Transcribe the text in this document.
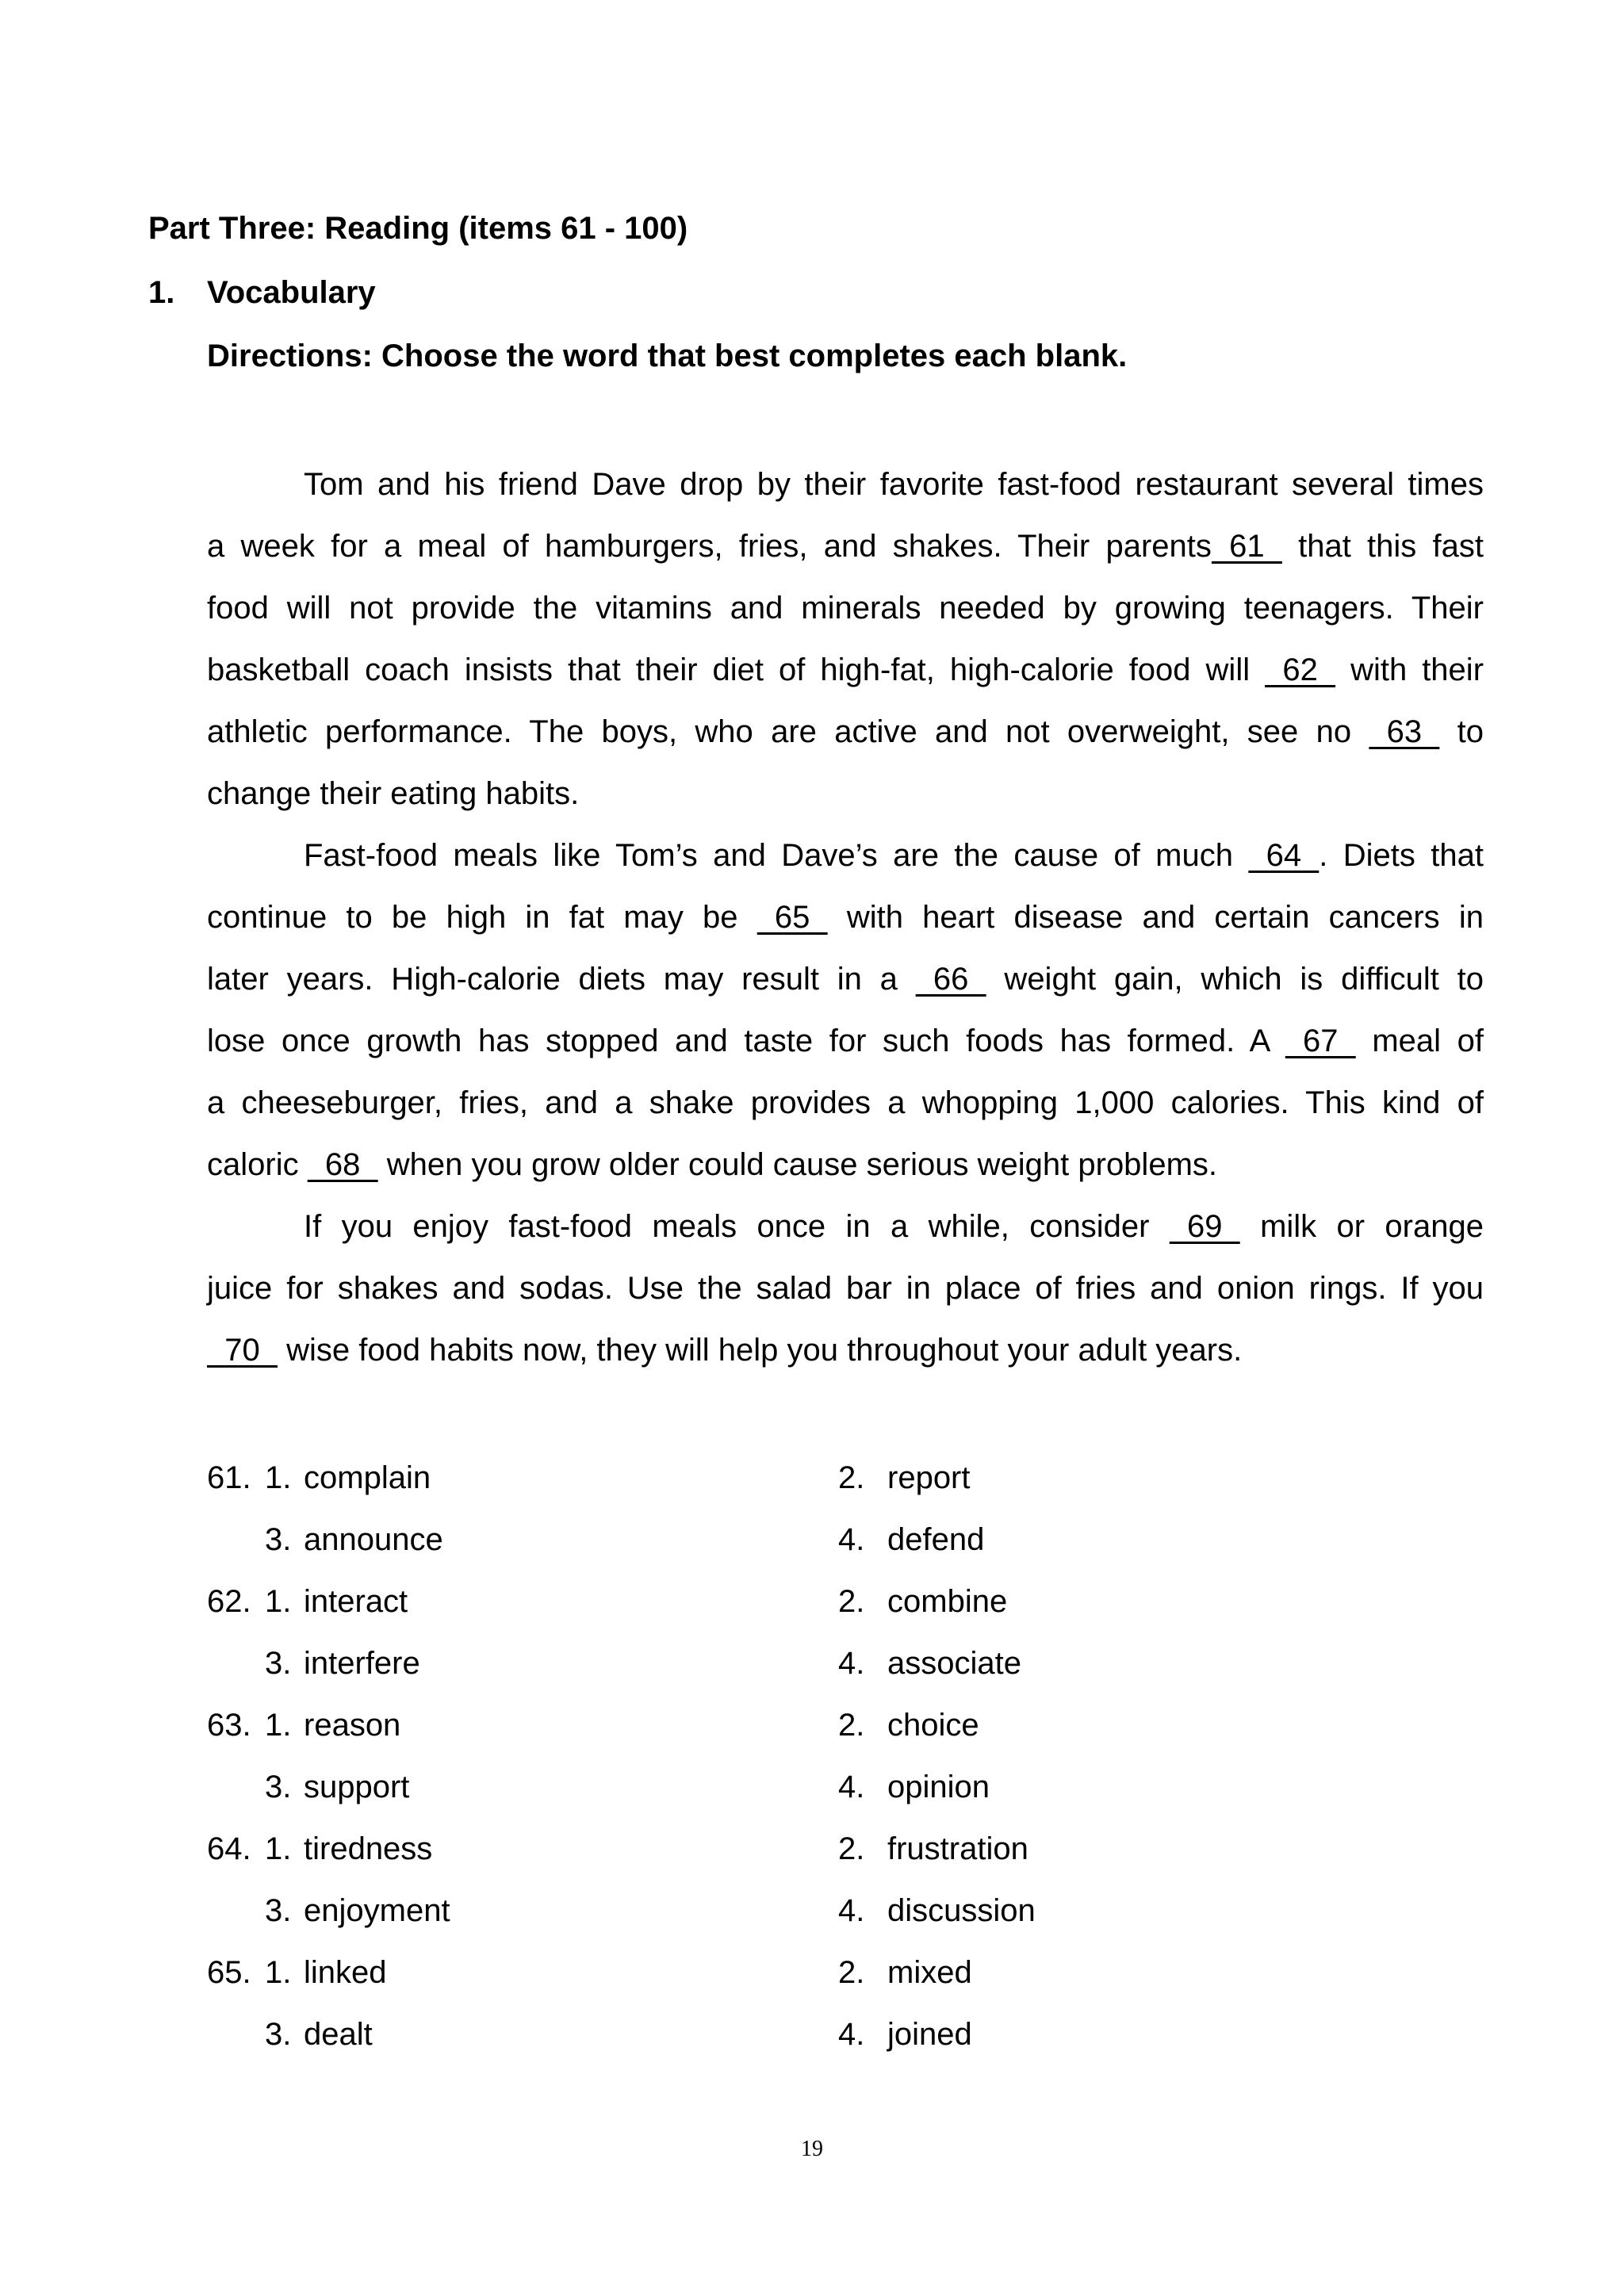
Part Three: Reading (items 61 - 100)
1. Vocabulary
Directions: Choose the word that best completes each blank.
Tom and his friend Dave drop by their favorite fast-food restaurant several times
a week for a meal of hamburgers, fries, and shakes. Their parents  61   that this fast
food will not provide the vitamins and minerals needed by growing teenagers. Their
basketball coach insists that their diet of high-fat, high-calorie food will   62   with their
athletic performance. The boys, who are active and not overweight, see no   63   to
change their eating habits.
Fast-food meals like Tom’s and Dave’s are the cause of much   64  . Diets that
continue to be high in fat may be   65   with heart disease and certain cancers in
later years. High-calorie diets may result in a   66   weight gain, which is difficult to
lose once growth has stopped and taste for such foods has formed. A   67   meal of
a cheeseburger, fries, and a shake provides a whopping 1,000 calories. This kind of
caloric   68   when you grow older could cause serious weight problems.
If you enjoy fast-food meals once in a while, consider   69   milk or orange
juice for shakes and sodas. Use the salad bar in place of fries and onion rings. If you
70   wise food habits now, they will help you throughout your adult years.
61. 1. complain	2. report
3. announce	4. defend
62. 1. interact	2. combine
3. interfere	4. associate
63. 1. reason	2. choice
3. support	4. opinion
64. 1. tiredness	2. frustration
3. enjoyment	4. discussion
65. 1. linked	2. mixed
3. dealt	4. joined
19
